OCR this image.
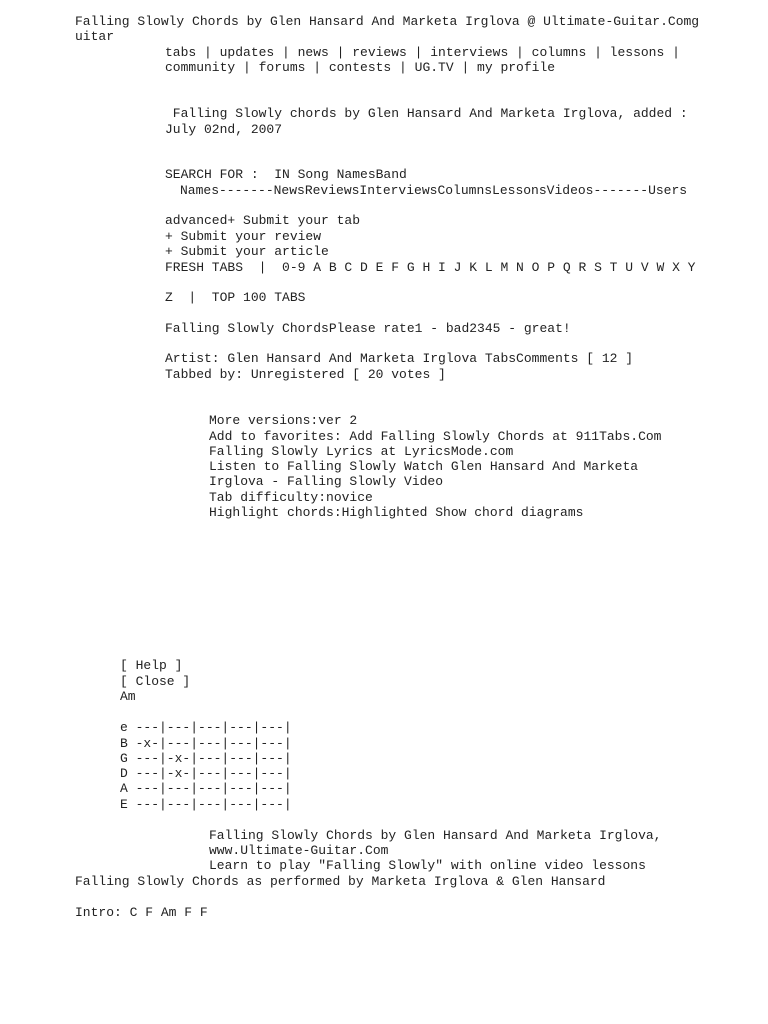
Falling Slowly Chords by Glen Hansard And Marketa Irglova @ Ultimate-Guitar.Comg
uitar
tabs | updates | news | reviews | interviews | columns | lessons |
community | forums | contests | UG.TV | my profile
Falling Slowly chords by Glen Hansard And Marketa Irglova, added :
July 02nd, 2007
SEARCH FOR :  IN Song NamesBand
Names-------NewsReviewsInterviewsColumnsLessonsVideos-------Users
advanced+ Submit your tab
+ Submit your review
+ Submit your article
FRESH TABS  |  0-9 A B C D E F G H I J K L M N O P Q R S T U V W X Y
Z  |  TOP 100 TABS
Falling Slowly ChordsPlease rate1 - bad2345 - great!
Artist: Glen Hansard And Marketa Irglova TabsComments [ 12 ]
Tabbed by: Unregistered [ 20 votes ]
More versions:ver 2
Add to favorites: Add Falling Slowly Chords at 911Tabs.Com
Falling Slowly Lyrics at LyricsMode.com
Listen to Falling Slowly Watch Glen Hansard And Marketa
Irglova - Falling Slowly Video
Tab difficulty:novice
Highlight chords:Highlighted Show chord diagrams
[ Help ]
[ Close ]
Am
e ---|---|---|---|---|
B -x-|---|---|---|---|
G ---|-x-|---|---|---|
D ---|-x-|---|---|---|
A ---|---|---|---|---|
E ---|---|---|---|---|
Falling Slowly Chords by Glen Hansard And Marketa Irglova,
www.Ultimate-Guitar.Com
Learn to play "Falling Slowly" with online video lessons
Falling Slowly Chords as performed by Marketa Irglova & Glen Hansard
Intro: C F Am F F
